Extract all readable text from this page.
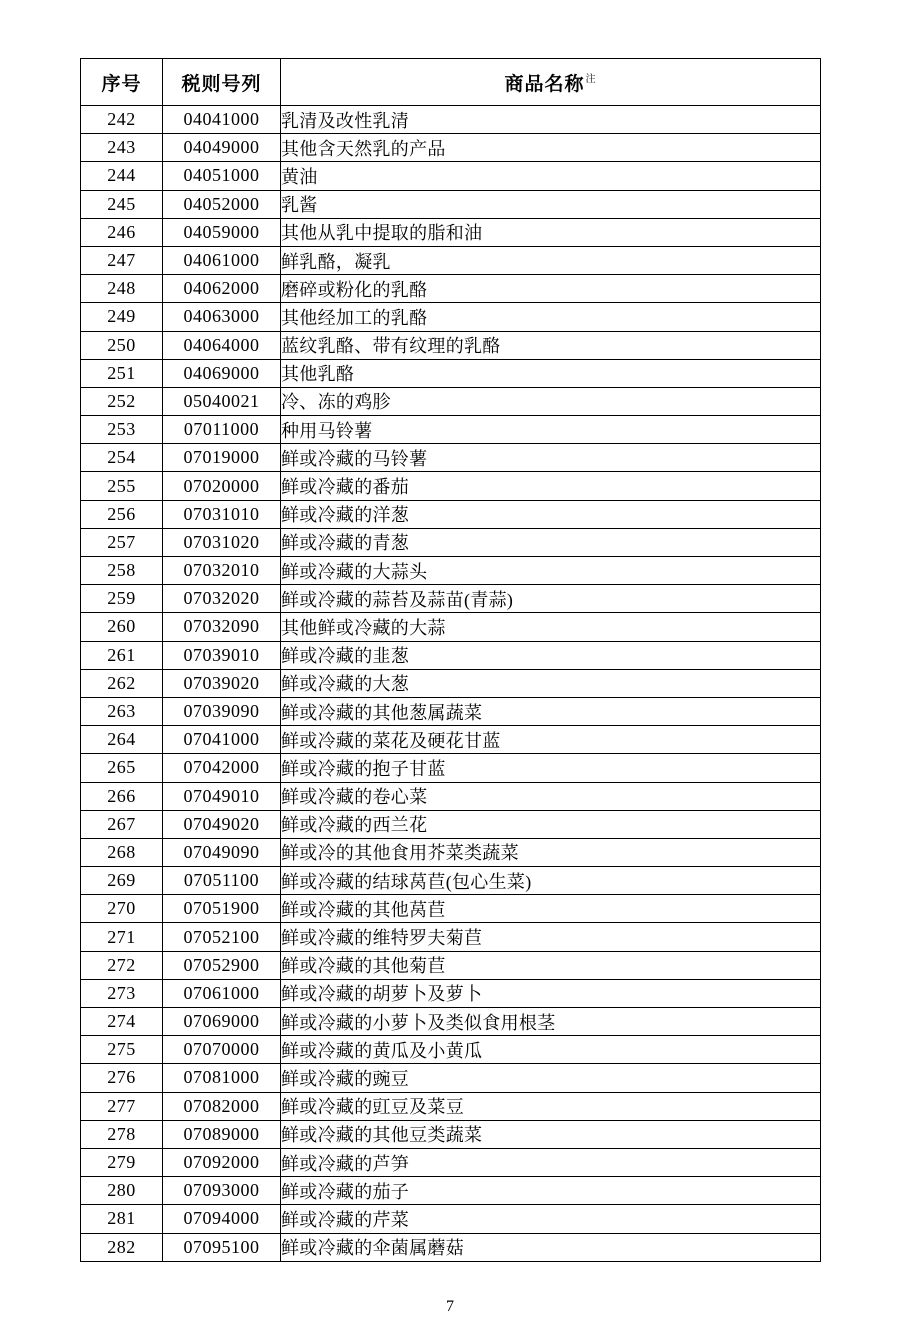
序号	税则号列	商品名称$^注$
242	04041000	乳清及改性乳清
243	04049000	其他含天然乳的产品
244	04051000	黄油
245	04052000	乳酱
246	04059000	其他从乳中提取的脂和油
247	04061000	鲜乳酪，凝乳
248	04062000	磨碎或粉化的乳酪
249	04063000	其他经加工的乳酪
250	04064000	蓝纹乳酪、带有纹理的乳酪
251	04069000	其他乳酪
252	05040021	冷、冻的鸡胗
253	07011000	种用马铃薯
254	07019000	鲜或冷藏的马铃薯
255	07020000	鲜或冷藏的番茄
256	07031010	鲜或冷藏的洋葱
257	07031020	鲜或冷藏的青葱
258	07032010	鲜或冷藏的大蒜头
259	07032020	鲜或冷藏的蒜苔及蒜苗(青蒜)
260	07032090	其他鲜或冷藏的大蒜
261	07039010	鲜或冷藏的韭葱
262	07039020	鲜或冷藏的大葱
263	07039090	鲜或冷藏的其他葱属蔬菜
264	07041000	鲜或冷藏的菜花及硬花甘蓝
265	07042000	鲜或冷藏的抱子甘蓝
266	07049010	鲜或冷藏的卷心菜
267	07049020	鲜或冷藏的西兰花
268	07049090	鲜或冷的其他食用芥菜类蔬菜
269	07051100	鲜或冷藏的结球莴苣(包心生菜)
270	07051900	鲜或冷藏的其他莴苣
271	07052100	鲜或冷藏的维特罗夫菊苣
272	07052900	鲜或冷藏的其他菊苣
273	07061000	鲜或冷藏的胡萝卜及萝卜
274	07069000	鲜或冷藏的小萝卜及类似食用根茎
275	07070000	鲜或冷藏的黄瓜及小黄瓜
276	07081000	鲜或冷藏的豌豆
277	07082000	鲜或冷藏的豇豆及菜豆
278	07089000	鲜或冷藏的其他豆类蔬菜
279	07092000	鲜或冷藏的芦笋
280	07093000	鲜或冷藏的茄子
281	07094000	鲜或冷藏的芹菜
282	07095100	鲜或冷藏的伞菌属蘑菇
7
